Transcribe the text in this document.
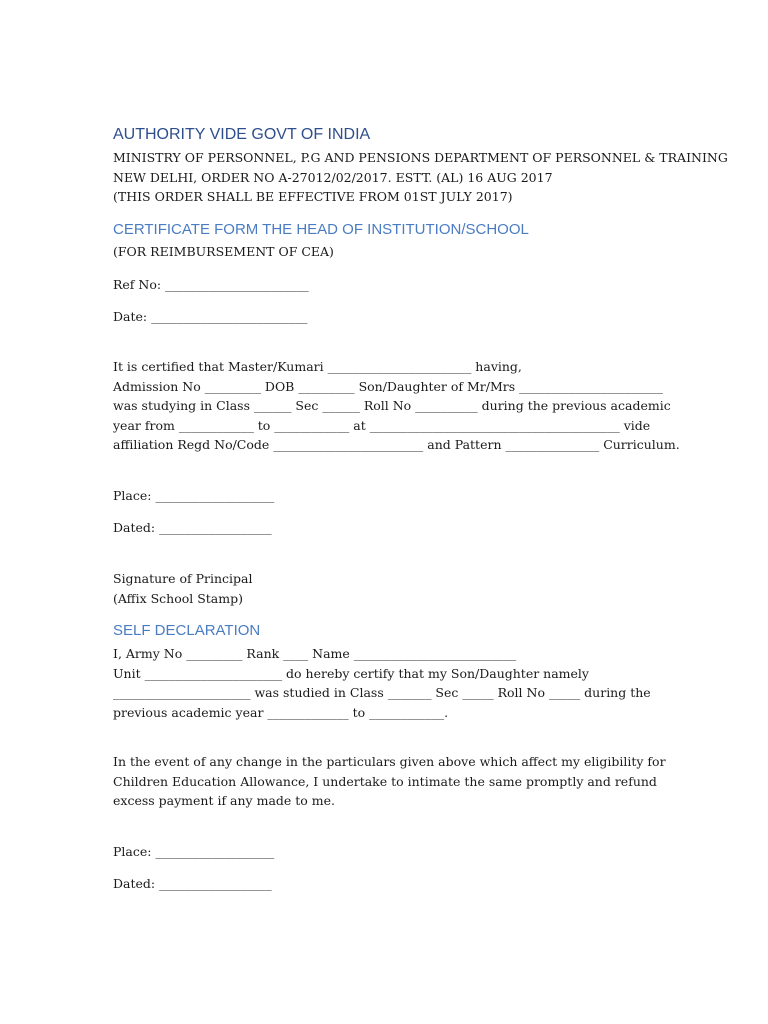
AUTHORITY VIDE GOVT OF INDIA
MINISTRY OF PERSONNEL, P.G AND PENSIONS DEPARTMENT OF PERSONNEL & TRAINING
NEW DELHI, ORDER NO A-27012/02/2017. ESTT. (AL) 16 AUG 2017
(THIS ORDER SHALL BE EFFECTIVE FROM 01ST JULY 2017)
CERTIFICATE FORM THE HEAD OF INSTITUTION/SCHOOL
(FOR REIMBURSEMENT OF CEA)
Ref No: _______________________
Date: _________________________
It is certified that Master/Kumari _______________________ having,
Admission No _________ DOB _________ Son/Daughter of Mr/Mrs _______________________
was studying in Class ______ Sec ______ Roll No __________ during the previous academic
year from ____________ to ____________ at ________________________________________ vide
affiliation Regd No/Code ________________________ and Pattern _______________ Curriculum.
Place: ___________________
Dated: __________________
Signature of Principal
(Affix School Stamp)
SELF DECLARATION
I, Army No _________ Rank ____ Name __________________________
Unit ______________________ do hereby certify that my Son/Daughter namely
______________________ was studied in Class _______ Sec _____ Roll No _____ during the
previous academic year _____________ to ____________.
In the event of any change in the particulars given above which affect my eligibility for
Children Education Allowance, I undertake to intimate the same promptly and refund
excess payment if any made to me.
Place: ___________________
Dated: __________________
